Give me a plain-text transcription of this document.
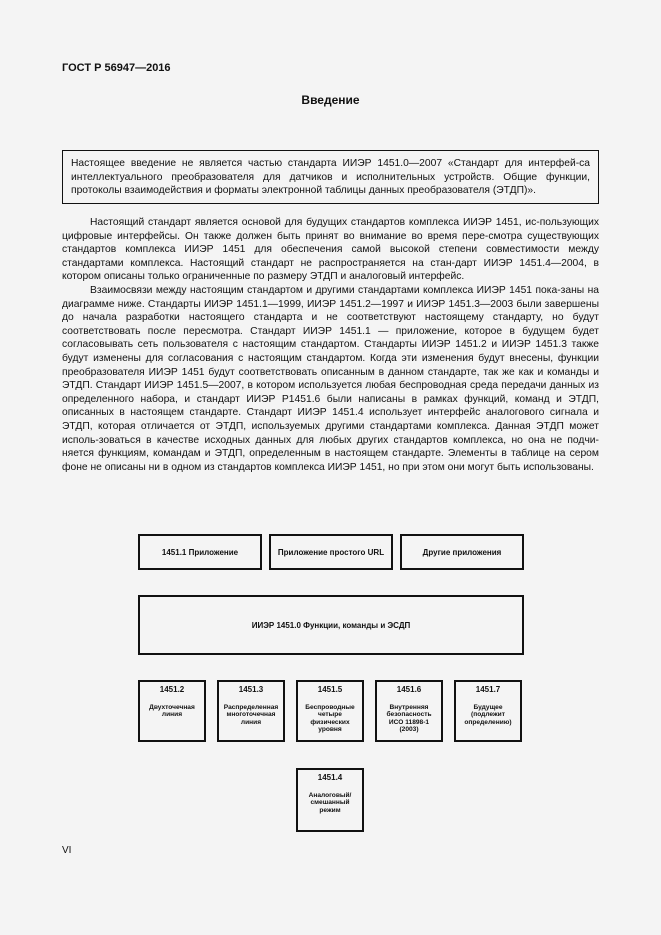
ГОСТ Р 56947—2016
Введение
Настоящее введение не является частью стандарта ИИЭР 1451.0—2007 «Стандарт для интерфей-са интеллектуального преобразователя для датчиков и исполнительных устройств. Общие функции, протоколы взаимодействия и форматы электронной таблицы данных преобразователя (ЭТДП)».

Настоящий стандарт является основой для будущих стандартов комплекса ИИЭР 1451, ис-пользующих цифровые интерфейсы. Он также должен быть принят во внимание во время пере-смотра существующих стандартов комплекса ИИЭР 1451 для обеспечения самой высокой степени совместимости между стандартами комплекса. Настоящий стандарт не распространяется на стан-дарт ИИЭР 1451.4—2004, в котором описаны только ограниченные по размеру ЭТДП и аналоговый интерфейс.

Взаимосвязи между настоящим стандартом и другими стандартами комплекса ИИЭР 1451 пока-заны на диаграмме ниже. Стандарты ИИЭР 1451.1—1999, ИИЭР 1451.2—1997 и ИИЭР 1451.3—2003 были завершены до начала разработки настоящего стандарта и не соответствуют настоящему стандарту, но будут соответствовать после пересмотра. Стандарт ИИЭР 1451.1 — приложение, которое в будущем будет согласовывать сеть пользователя с настоящим стандартом. Стандарты ИИЭР 1451.2 и ИИЭР 1451.3 также будут изменены для согласования с настоящим стандартом. Когда эти изменения будут внесены, функции преобразователя ИИЭР 1451 будут соответствовать описанным в данном стандарте, так же как и команды и ЭТДП. Стандарт ИИЭР 1451.5—2007, в котором используется любая беспроводная среда передачи данных из определенного набора, и стандарт ИИЭР Р1451.6 были написаны в рамках функций, команд и ЭТДП, описанных в настоящем стандарте. Стандарт ИИЭР 1451.4 использует интерфейс аналогового сигнала и ЭТДП, которая отличается от ЭТДП, используемых другими стандартами комплекса. Данная ЭТДП может исполь-зоваться в качестве исходных данных для любых других стандартов комплекса, но она не подчи-няется функциям, командам и ЭТДП, определенным в настоящем стандарте. Элементы в таблице на сером фоне не описаны ни в одном из стандартов комплекса ИИЭР 1451, но при этом они могут быть использованы.

1451.1 Приложение	Приложение простого URL	Другие приложения
ИИЭР 1451.0 Функции, команды и ЭСДП
1451.2
Двухточечная линия
1451.3
Распределенная многоточечная линия
1451.5
Беспроводные четыре физических уровня
1451.6
Внутренняя безопасность ИСО 11898-1 (2003)
1451.7
Будущее (подлежит определению)
1451.4
Аналоговый/ смешанный режим
VI
